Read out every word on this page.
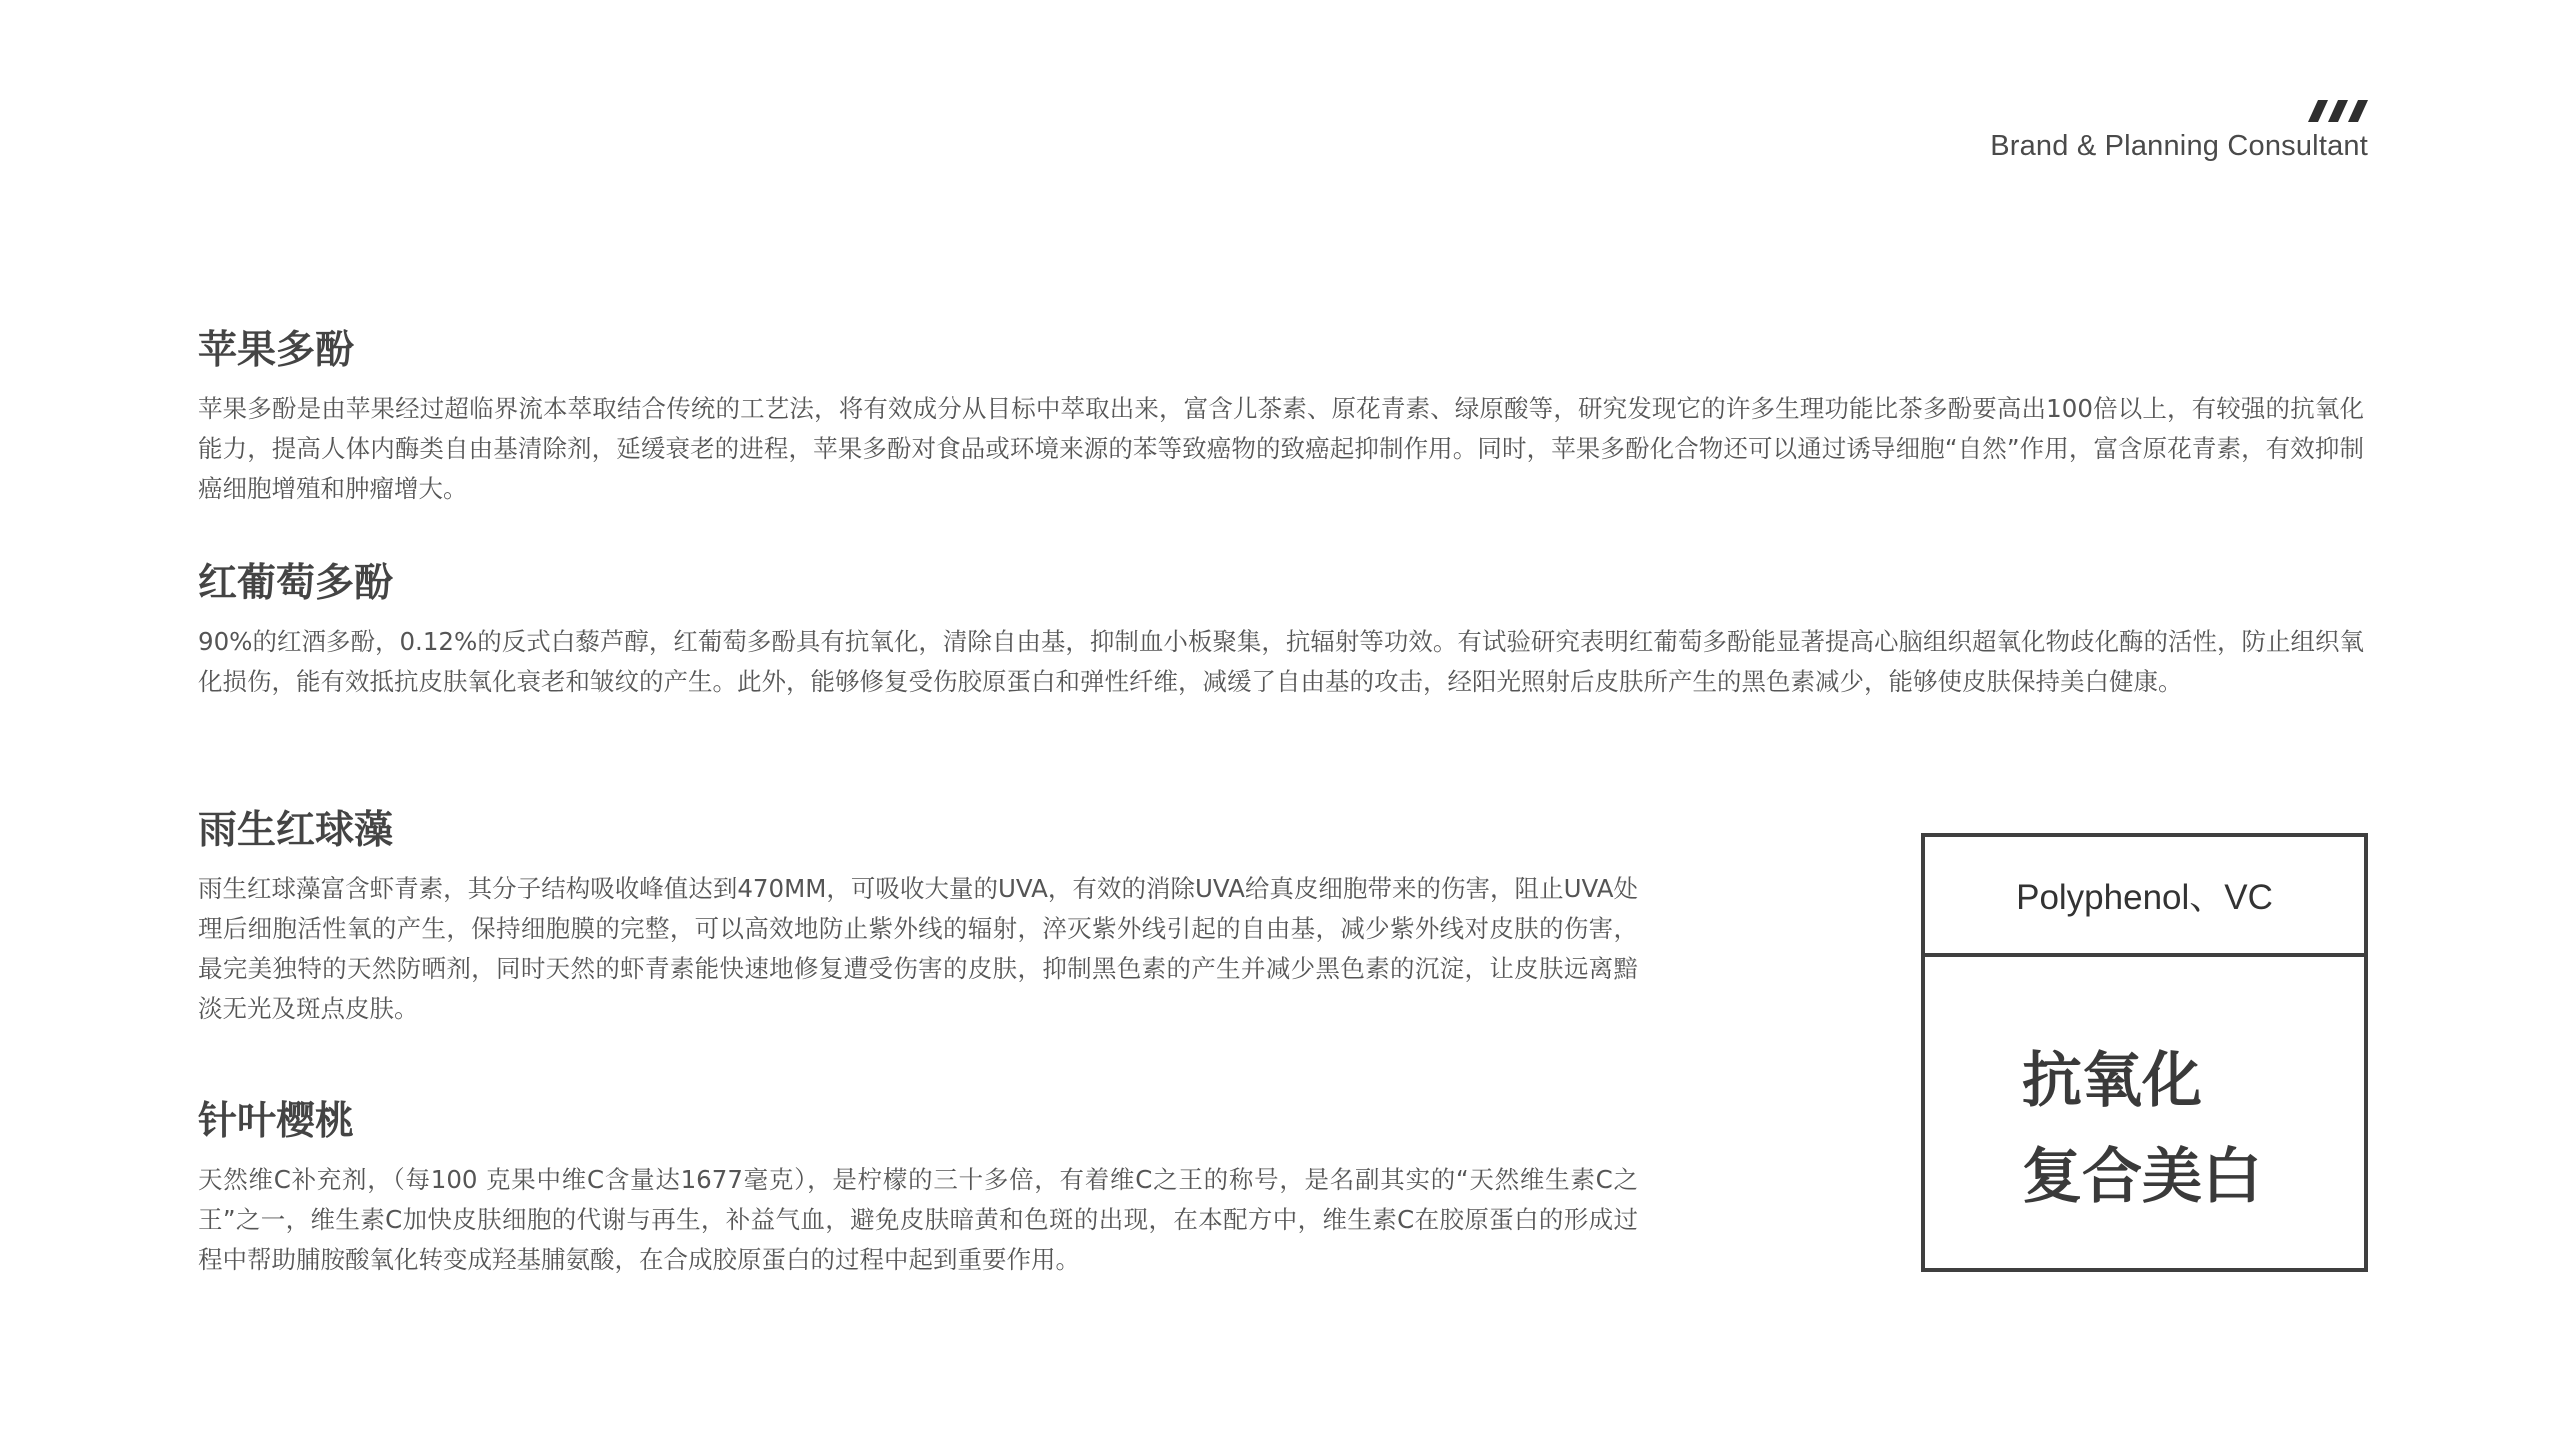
Brand & Planning Consultant
苹果多酚

苹果多酚是由苹果经过超临界流本萃取结合传统的工艺法，将有效成分从目标中萃取出来，富含儿茶素、原花青素、绿原酸等，研究发现它的许多生理功能比茶多酚要高出100倍以上，有较强的抗氧化能力，提高人体内酶类自由基清除剂，延缓衰老的进程，苹果多酚对食品或环境来源的苯等致癌物的致癌起抑制作用。同时，苹果多酚化合物还可以通过诱导细胞“自然”作用，富含原花青素，有效抑制癌细胞增殖和肿瘤增大。

红葡萄多酚

90%的红酒多酚，0.12%的反式白藜芦醇，红葡萄多酚具有抗氧化，清除自由基，抑制血小板聚集，抗辐射等功效。有试验研究表明红葡萄多酚能显著提高心脑组织超氧化物歧化酶的活性，防止组织氧化损伤，能有效抵抗皮肤氧化衰老和皱纹的产生。此外，能够修复受伤胶原蛋白和弹性纤维，减缓了自由基的攻击，经阳光照射后皮肤所产生的黑色素减少，能够使皮肤保持美白健康。

雨生红球藻

雨生红球藻富含虾青素，其分子结构吸收峰值达到470MM，可吸收大量的UVA，有效的消除UVA给真皮细胞带来的伤害，阻止UVA处理后细胞活性氧的产生，保持细胞膜的完整，可以高效地防止紫外线的辐射，淬灭紫外线引起的自由基，减少紫外线对皮肤的伤害，最完美独特的天然防晒剂，同时天然的虾青素能快速地修复遭受伤害的皮肤，抑制黑色素的产生并减少黑色素的沉淀，让皮肤远离黯淡无光及斑点皮肤。

针叶樱桃

天然维C补充剂，（每100 克果中维C含量达1677毫克），是柠檬的三十多倍，有着维C之王的称号，是名副其实的“天然维生素C之王”之一，维生素C加快皮肤细胞的代谢与再生，补益气血，避免皮肤暗黄和色斑的出现，在本配方中，维生素C在胶原蛋白的形成过程中帮助脯胺酸氧化转变成羟基脯氨酸，在合成胶原蛋白的过程中起到重要作用。

Polyphenol、VC
抗氧化
复合美白
